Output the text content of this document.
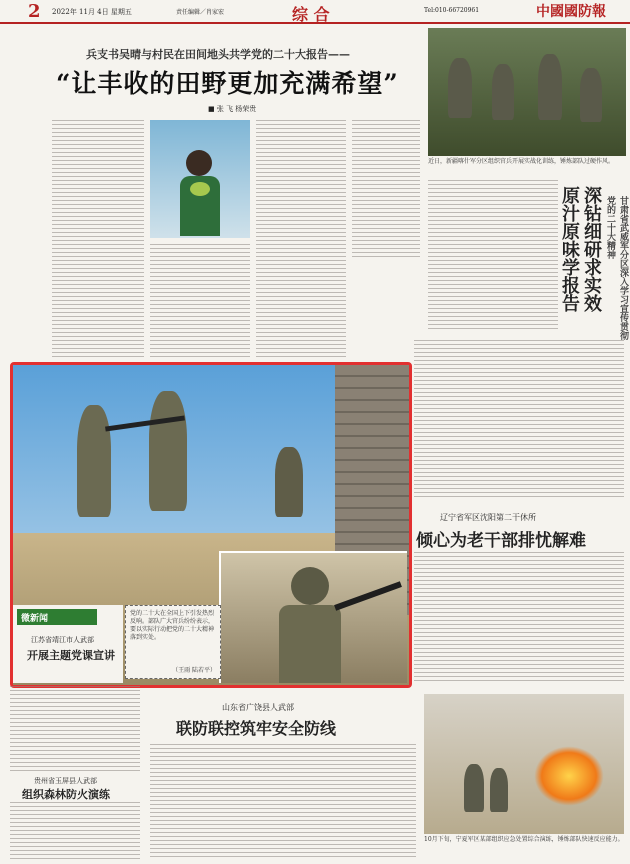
2 2022年 11月 4日 星期五	责任编辑／肖家宏	综 合	Tel:010-66720961	中國國防報
兵支书吴晴与村民在田间地头共学党的二十大报告——
“让丰收的田野更加充满希望”
■ 张 飞 杨荣贵
近日，新疆喀什军分区组织官兵开展实战化训练，锤炼部队过硬作风。
原汁原味学报告 深钻细研求实效	甘肃省武威军分区深入学习宣传贯彻党的二十大精神
党的二十大在全国上下引发热烈反响。部队广大官兵纷纷表示，要以实际行动把党的二十大精神落到实处。
（王雨 陆若平）
微新闻
江苏省靖江市人武部
开展主题党课宣讲
辽宁省军区沈阳第二干休所
倾心为老干部排忧解难
贵州省玉屏县人武部
组织森林防火演练
山东省广饶县人武部
联防联控筑牢安全防线
10月下旬，宁夏军区某部组织应急处置综合演练，锤炼部队快速反应能力。
